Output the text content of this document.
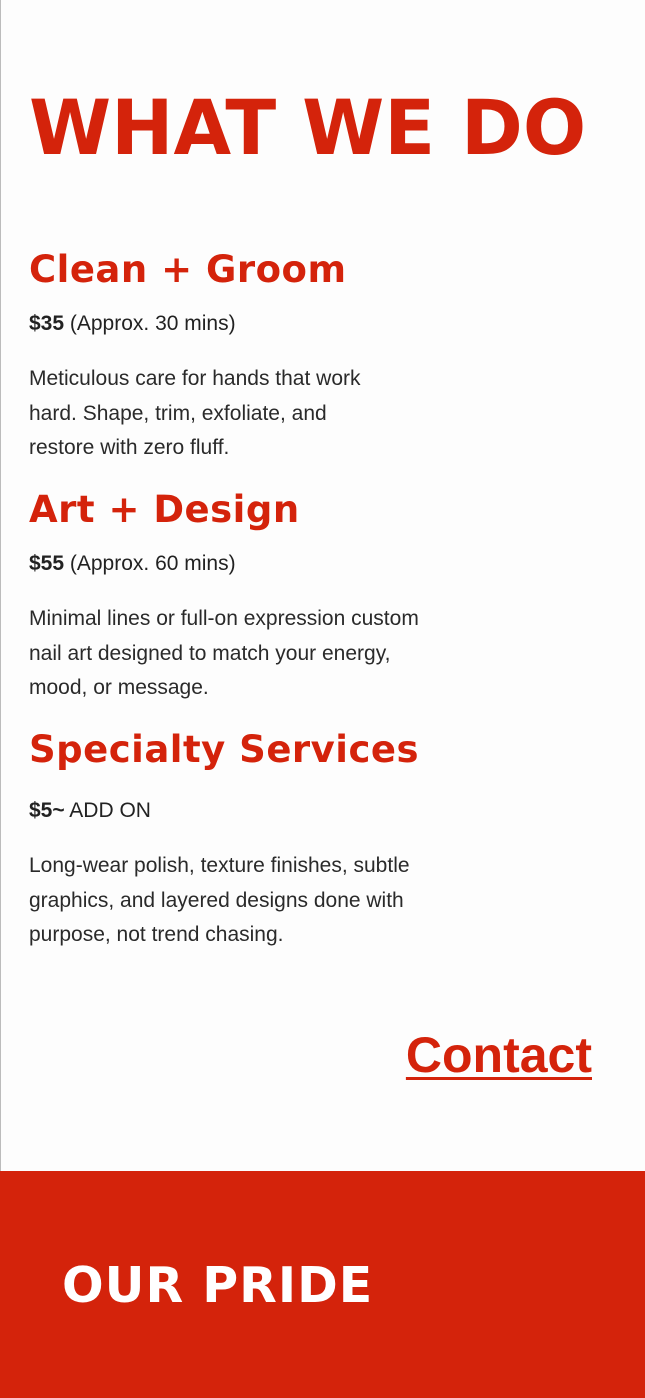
WHAT WE DO
Clean + Groom

$35 (Approx. 30 mins)

Meticulous care for hands that work hard. Shape, trim, exfoliate, and restore with zero fluff.

Art + Design

$55 (Approx. 60 mins)

Minimal lines or full-on expression custom nail art designed to match your energy, mood, or message.

Specialty Services

$5~ ADD ON

Long-wear polish, texture finishes, subtle graphics, and layered designs done with purpose, not trend chasing.

Contact
OUR PRIDE
